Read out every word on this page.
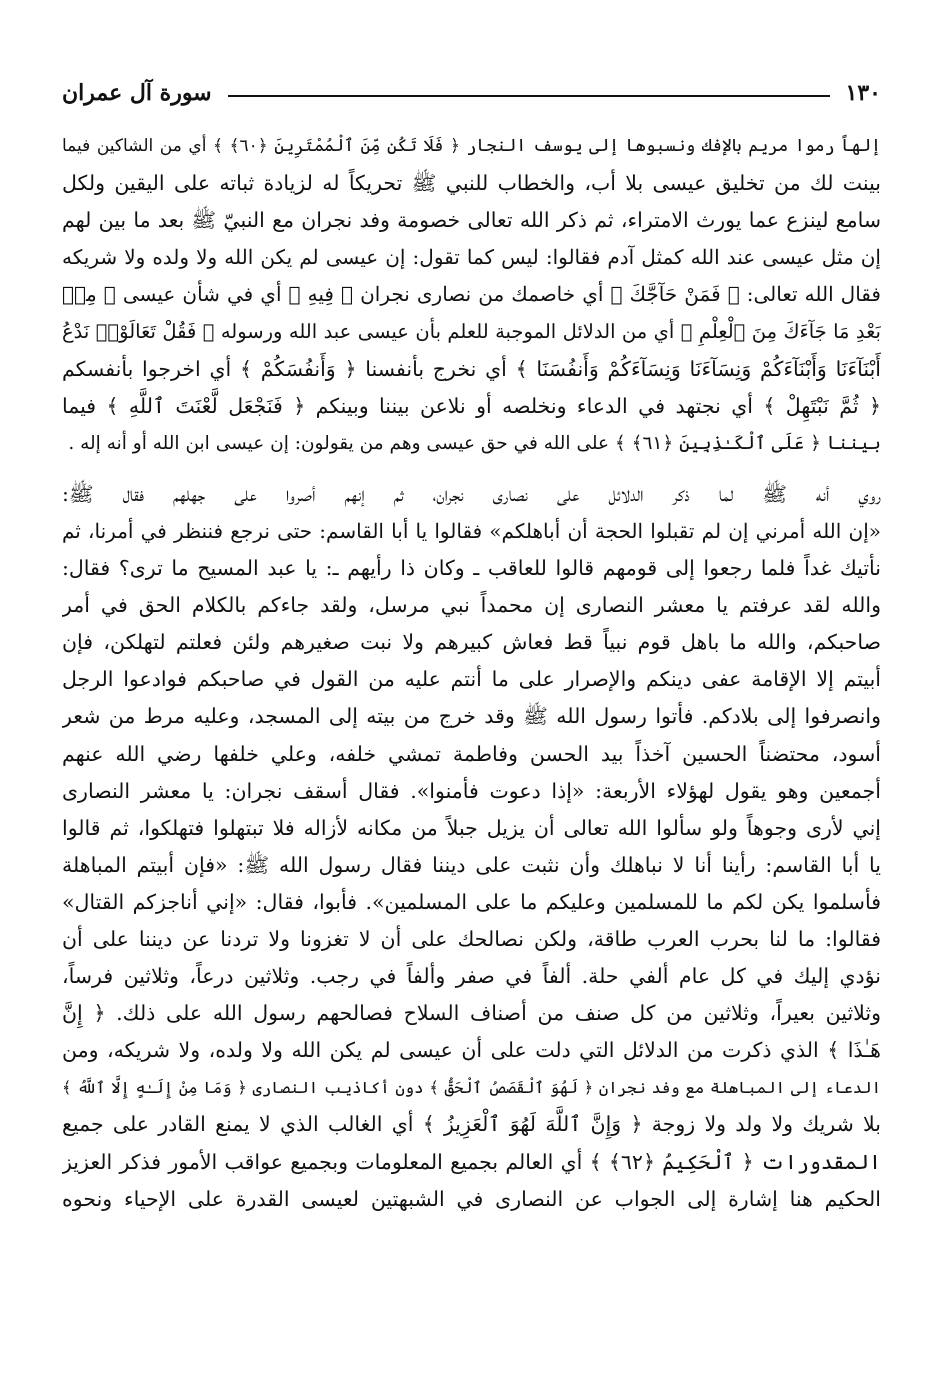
١٣٠
سورة آل عمران

إلهاً رموا مريم بالإفك ونسبوها إلى يوسف النجار ﴿ فَلَا تَكُن مِّنَ ٱلْمُمْتَرِينَ ﴿٦٠﴾ ﴾ أي من الشاكين فيما
بينت لك من تخليق عيسى بلا أب، والخطاب للنبي ﷺ تحريكاً له لزيادة ثباته على اليقين ولكل
سامع لينزع عما يورث الامتراء، ثم ذكر الله تعالى خصومة وفد نجران مع النبيّ ﷺ بعد ما بين لهم
إن مثل عيسى عند الله كمثل آدم فقالوا: ليس كما تقول: إن عيسى لم يكن الله ولا ولده ولا شريكه
فقال الله تعالى: ﴿ فَمَنْ حَآجَّكَ ﴾ أي خاصمك من نصارى نجران ﴿ فِيهِ ﴾ أي في شأن عيسى ﴿ مِنۢ
بَعْدِ مَا جَآءَكَ مِنَ ٱلْعِلْمِ ﴾ أي من الدلائل الموجبة للعلم بأن عيسى عبد الله ورسوله ﴿ فَقُلْ تَعَالَوْا۟ نَدْعُ
أَبْنَآءَنَا وَأَبْنَآءَكُمْ وَنِسَآءَنَا وَنِسَآءَكُمْ وَأَنفُسَنَا ﴾ أي نخرج بأنفسنا ﴿ وَأَنفُسَكُمْ ﴾ أي اخرجوا بأنفسكم
﴿ ثُمَّ نَبْتَهِلْ ﴾ أي نجتهد في الدعاء ونخلصه أو نلاعن بيننا وبينكم ﴿ فَنَجْعَل لَّعْنَتَ ٱللَّهِ ﴾ فيما
بيننا ﴿ عَلَى ٱلْكَـٰذِبِينَ ﴿٦١﴾ ﴾ على الله في حق عيسى وهم من يقولون: إن عيسى ابن الله أو أنه إله .

روي أنه ﷺ لما ذكر الدلائل على نصارى نجران، ثم إنهم أصروا على جهلهم فقال ﷺ:
«إن الله أمرني إن لم تقبلوا الحجة أن أباهلكم» فقالوا يا أبا القاسم: حتى نرجع فننظر في أمرنا، ثم
نأتيك غداً فلما رجعوا إلى قومهم قالوا للعاقب ـ وكان ذا رأيهم ـ: يا عبد المسيح ما ترى؟ فقال:
والله لقد عرفتم يا معشر النصارى إن محمداً نبي مرسل، ولقد جاءكم بالكلام الحق في أمر
صاحبكم، والله ما باهل قوم نبياً قط فعاش كبيرهم ولا نبت صغيرهم ولئن فعلتم لتهلكن، فإن
أبيتم إلا الإقامة عفى دينكم والإصرار على ما أنتم عليه من القول في صاحبكم فوادعوا الرجل
وانصرفوا إلى بلادكم. فأتوا رسول الله ﷺ وقد خرج من بيته إلى المسجد، وعليه مرط من شعر
أسود، محتضناً الحسين آخذاً بيد الحسن وفاطمة تمشي خلفه، وعلي خلفها رضي الله عنهم
أجمعين وهو يقول لهؤلاء الأربعة: «إذا دعوت فأمنوا». فقال أسقف نجران: يا معشر النصارى
إني لأرى وجوهاً ولو سألوا الله تعالى أن يزيل جبلاً من مكانه لأزاله فلا تبتهلوا فتهلكوا، ثم قالوا
يا أبا القاسم: رأينا أنا لا نباهلك وأن نثبت على ديننا فقال رسول الله ﷺ: «فإن أبيتم المباهلة
فأسلموا يكن لكم ما للمسلمين وعليكم ما على المسلمين». فأبوا، فقال: «إني أناجزكم القتال»
فقالوا: ما لنا بحرب العرب طاقة، ولكن نصالحك على أن لا تغزونا ولا تردنا عن ديننا على أن
نؤدي إليك في كل عام ألفي حلة. ألفاً في صفر وألفاً في رجب. وثلاثين درعاً، وثلاثين فرساً،
وثلاثين بعيراً، وثلاثين من كل صنف من أصناف السلاح فصالحهم رسول الله على ذلك. ﴿ إِنَّ
هَـٰذَا ﴾ الذي ذكرت من الدلائل التي دلت على أن عيسى لم يكن الله ولا ولده، ولا شريكه، ومن
الدعاء إلى المباهلة مع وفد نجران ﴿ لَهُوَ ٱلْقَصَصُ ٱلْحَقُّ ﴾ دون أكاذيب النصارى ﴿ وَمَا مِنْ إِلَـٰهٍ إِلَّا ٱللَّهُ ﴾
بلا شريك ولا ولد ولا زوجة ﴿ وَإِنَّ ٱللَّهَ لَهُوَ ٱلْعَزِيزُ ﴾ أي الغالب الذي لا يمنع القادر على جميع
المقدورات ﴿ ٱلْحَكِيمُ ﴿٦٢﴾ ﴾ أي العالم بجميع المعلومات وبجميع عواقب الأمور فذكر العزيز
الحكيم هنا إشارة إلى الجواب عن النصارى في الشبهتين لعيسى القدرة على الإحياء ونحوه
